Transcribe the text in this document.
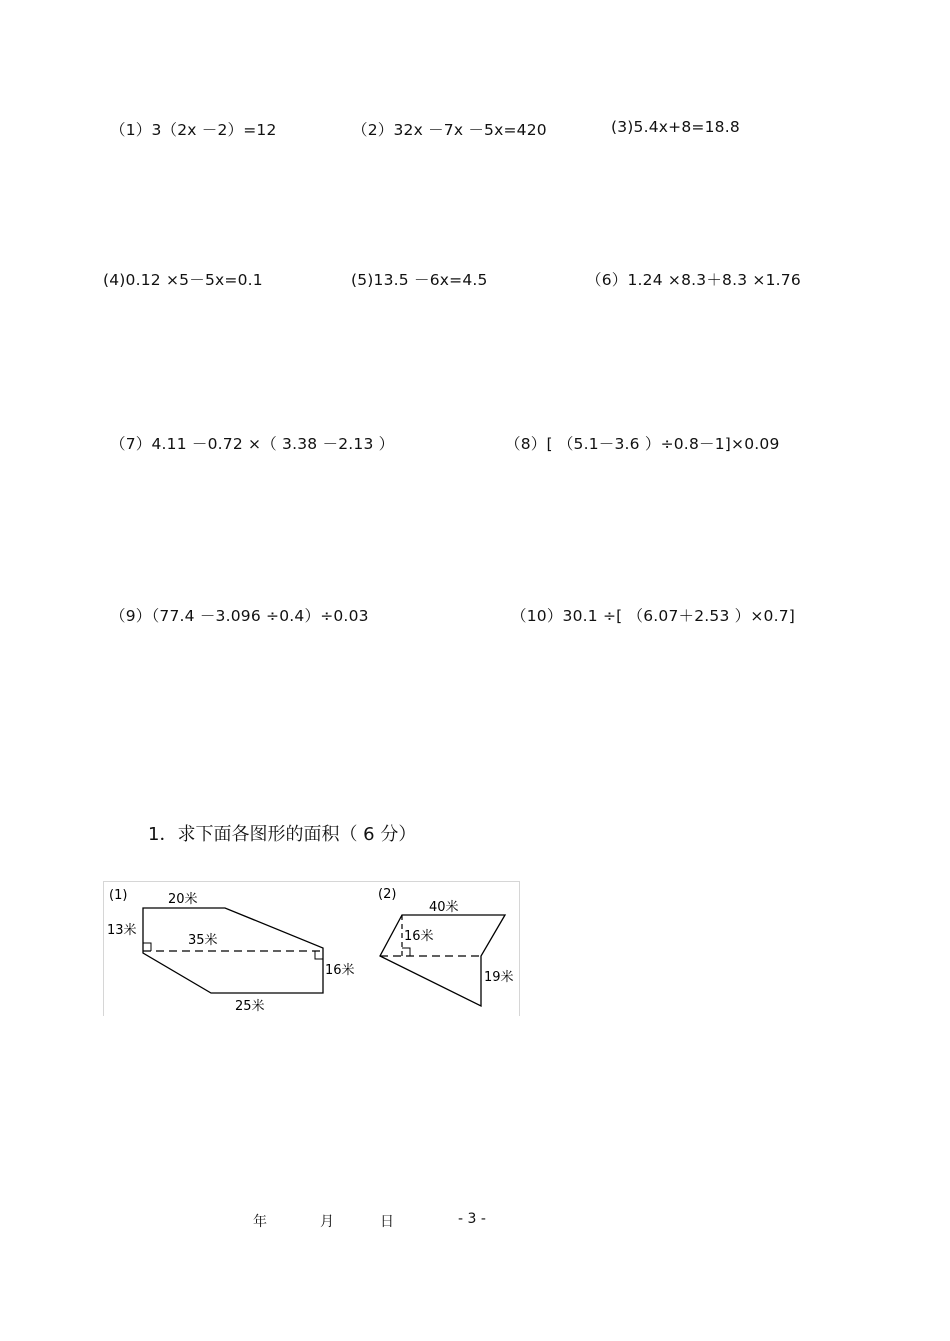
（1）3（2x －2）=12	（2）32x －7x －5x=420	(3)5.4x+8=18.8
(4)0.12 ×5－5x=0.1	(5)13.5 －6x=4.5	（6）1.24 ×8.3＋8.3 ×1.76
（7）4.11 －0.72 ×（ 3.38 －2.13 ）	（8）[ （5.1－3.6 ）÷0.8－1]×0.09
（9）（77.4 －3.096 ÷0.4）÷0.03	（10）30.1 ÷[ （6.07＋2.53 ）×0.7]
1．求下面各图形的面积（ 6 分）
(1)	20米
13米
35米
16米
25米
(2)
40米
16米
19米
年	月	日	- 3 -
